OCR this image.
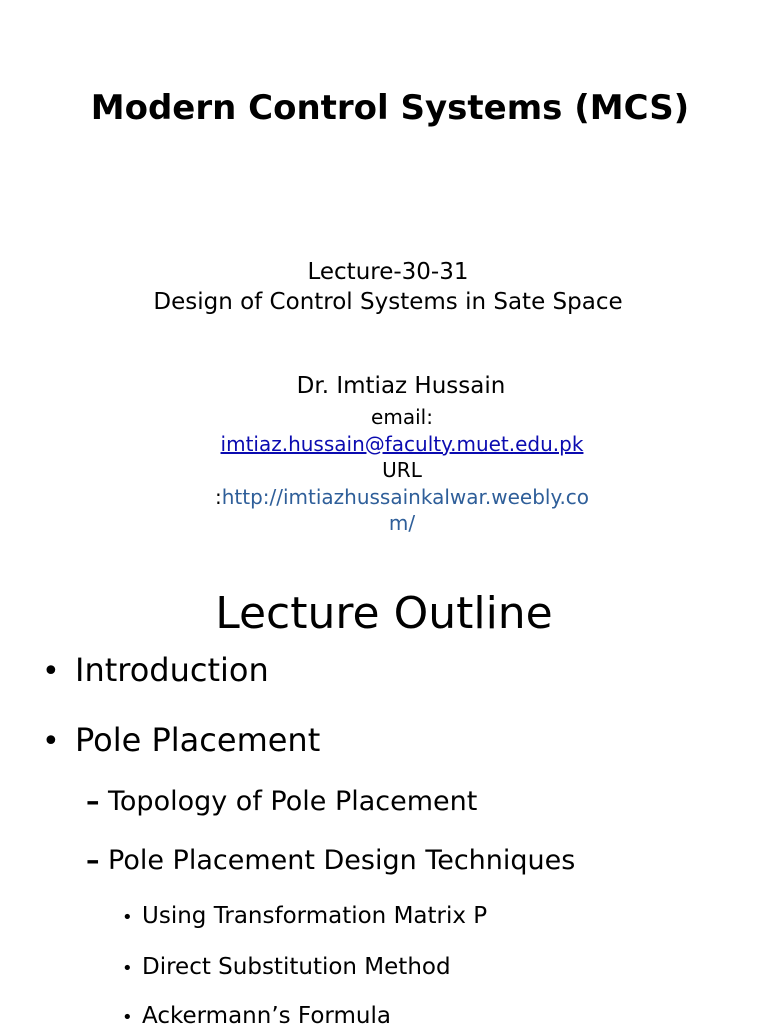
Modern Control Systems (MCS)
Lecture-30-31
Design of Control Systems in Sate Space
Dr. Imtiaz Hussain
email:
imtiaz.hussain@faculty.muet.edu.pk
URL
:http://imtiazhussainkalwar.weebly.co
m/
Lecture Outline
• Introduction
• Pole Placement
– Topology of Pole Placement
– Pole Placement Design Techniques
• Using Transformation Matrix P
• Direct Substitution Method
• Ackermann’s Formula
